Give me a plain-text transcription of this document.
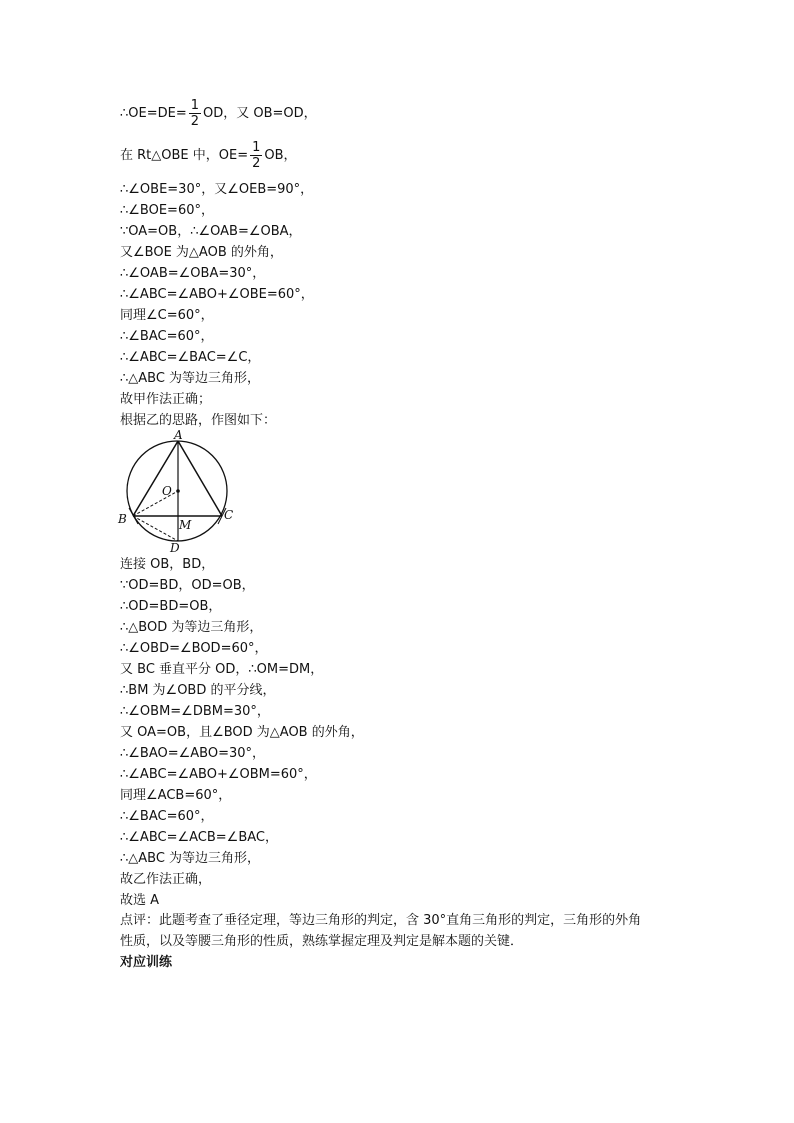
∴OE=DE= $\frac{1}{2}$ OD，又 OB=OD，
在 Rt△OBE 中，$OE= \frac{1}{2}$ OB，
∴∠OBE=30°，又∠OEB=90°，
∴∠BOE=60°，
∵OA=OB，∴∠OAB=∠OBA，
又∠BOE 为△AOB 的外角，
∴∠OAB=∠OBA=30°，
∴∠ABC=∠ABO+∠OBE=60°，
同理∠C=60°，
∴∠BAC=60°，
∴∠ABC=∠BAC=∠C，
∴△ABC 为等边三角形，
故甲作法正确；
根据乙的思路，作图如下：
A
O
B	C
M
D
连接 OB，BD，
∵OD=BD，OD=OB，
∴OD=BD=OB，
∴△BOD 为等边三角形，
∴∠OBD=∠BOD=60°，
又 BC 垂直平分 OD，∴OM=DM，
∴BM 为∠OBD 的平分线，
∴∠OBM=∠DBM=30°，
又 OA=OB，且∠BOD 为△AOB 的外角，
∴∠BAO=∠ABO=30°，
∴∠ABC=∠ABO+∠OBM=60°，
同理∠ACB=60°，
∴∠BAC=60°，
∴∠ABC=∠ACB=∠BAC，
∴△ABC 为等边三角形，
故乙作法正确，
故选 A
点评：此题考查了垂径定理，等边三角形的判定，含 30°直角三角形的判定，三角形的外角
性质，以及等腰三角形的性质，熟练掌握定理及判定是解本题的关键．
对应训练
